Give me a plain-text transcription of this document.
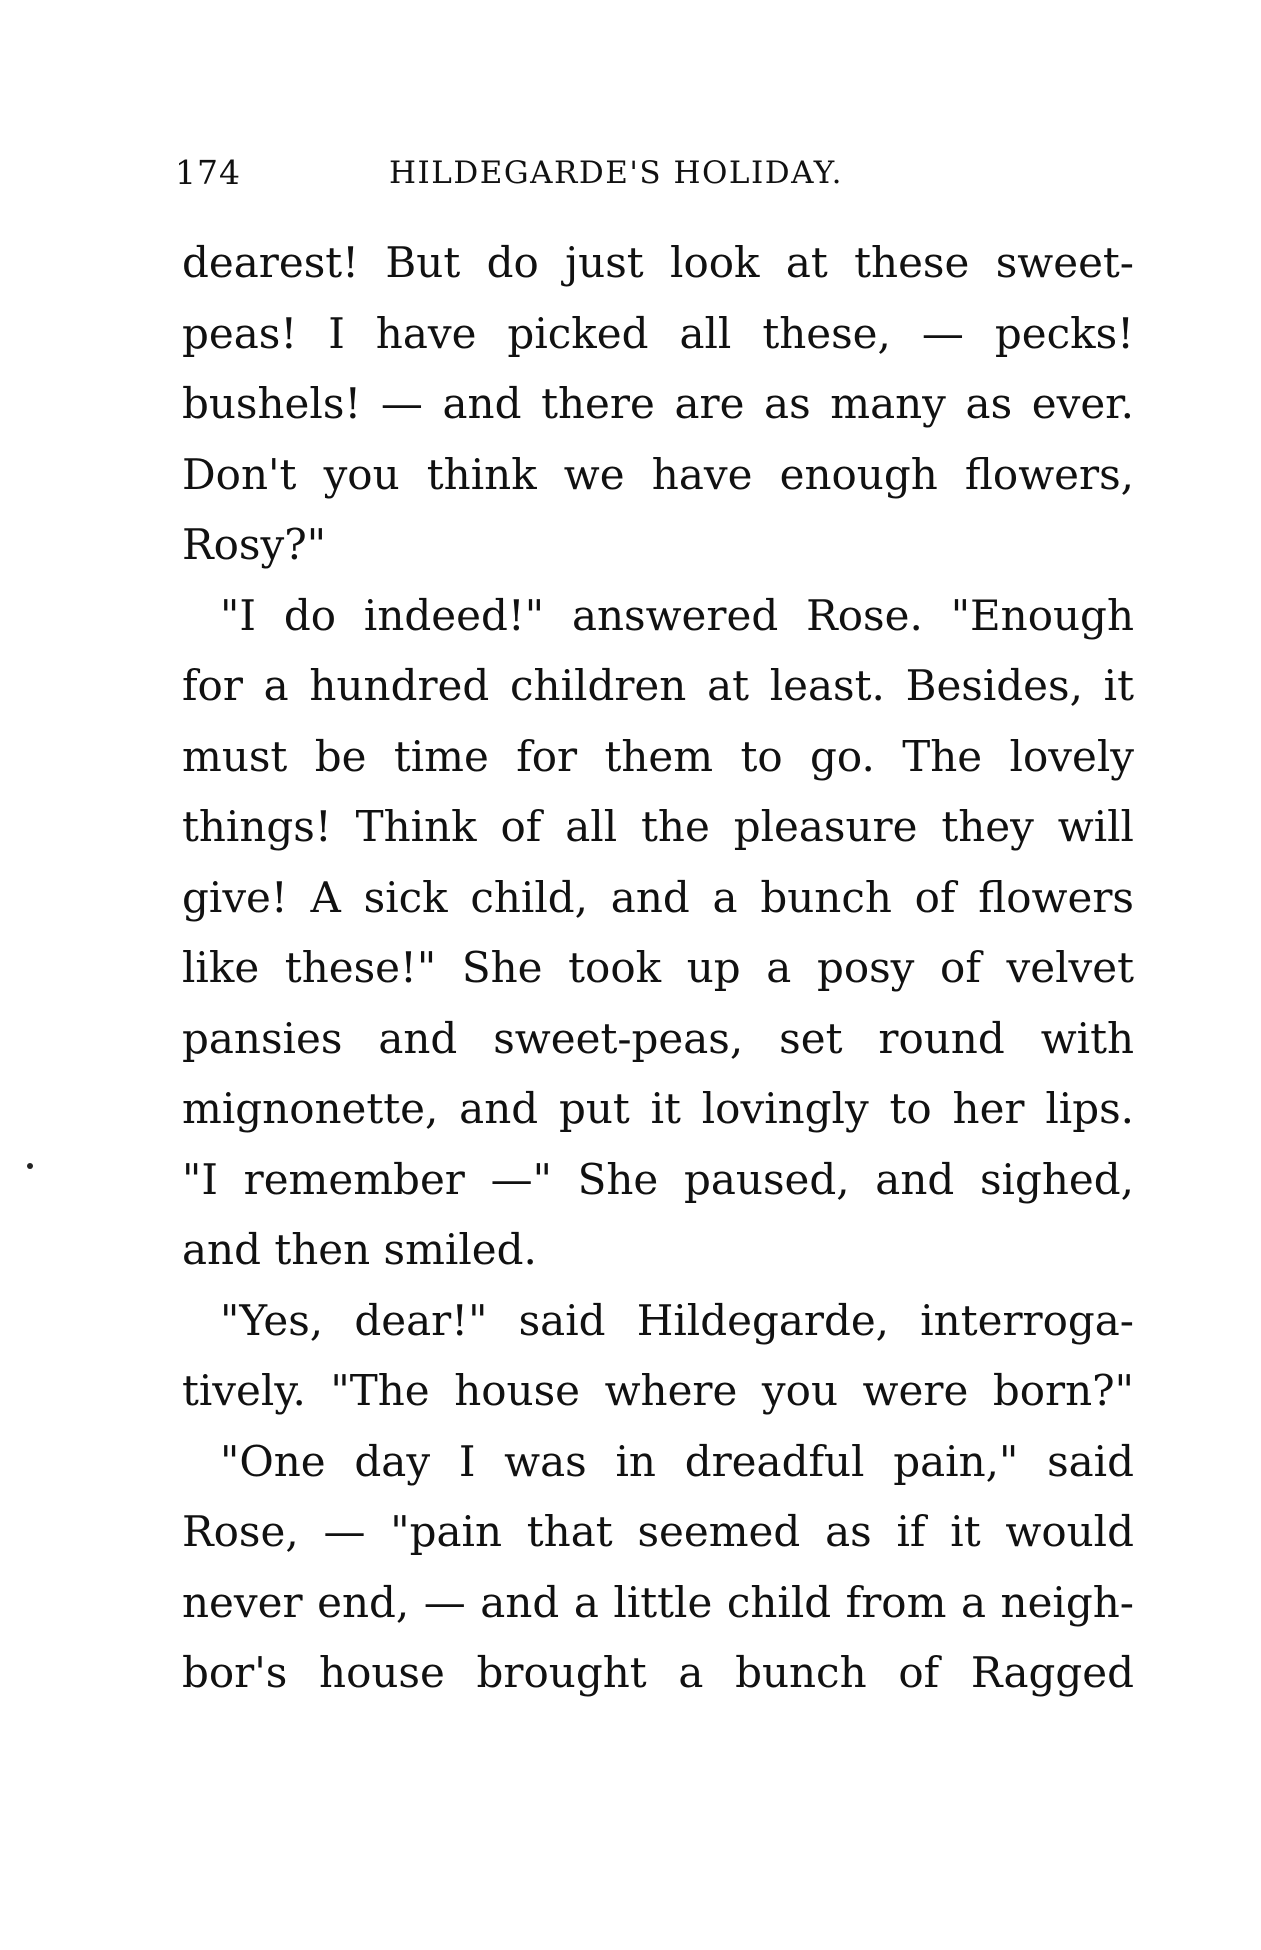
174	HILDEGARDE'S HOLIDAY.
dearest! But do just look at these sweet-
peas! I have picked all these, — pecks!
bushels! — and there are as many as ever.
Don't you think we have enough flowers,
Rosy?"
"I do indeed!" answered Rose. "Enough
for a hundred children at least. Besides, it
must be time for them to go. The lovely
things! Think of all the pleasure they will
give! A sick child, and a bunch of flowers
like these!" She took up a posy of velvet
pansies and sweet-peas, set round with
mignonette, and put it lovingly to her lips.
"I remember —" She paused, and sighed,
and then smiled.
"Yes, dear!" said Hildegarde, interroga-
tively. "The house where you were born?"
"One day I was in dreadful pain," said
Rose, — "pain that seemed as if it would
never end, — and a little child from a neigh-
bor's house brought a bunch of Ragged
